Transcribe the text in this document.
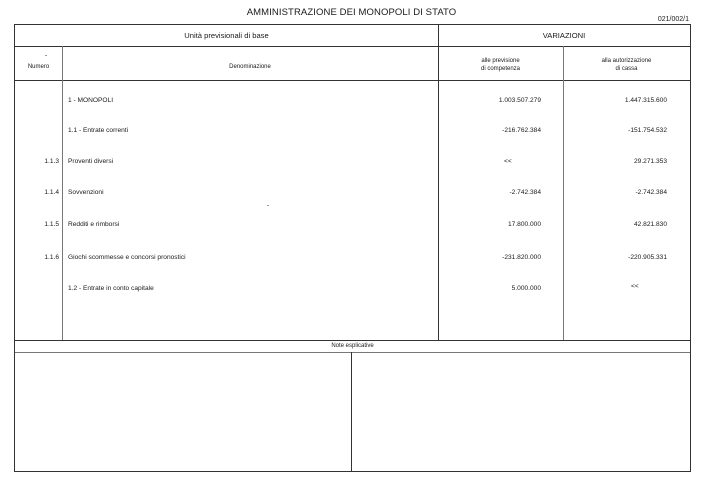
AMMINISTRAZIONE DEI MONOPOLI DI STATO
021/002/1
Unità previsionali di base	VARIAZIONI
Numero	Denominazione
alle previsione
di competenza
alla autorizzazione
di cassa
1 - MONOPOLI	1.003.507.279	1.447.315.600
1.1 - Entrate correnti	-216.762.384	-151.754.532
1.1.3 Proventi diversi	<<	29.271.353
1.1.4 Sovvenzioni	-2.742.384	-2.742.384
1.1.5 Redditi e rimborsi	17.800.000	42.821.830
1.1.6 Giochi scommesse e concorsi pronostici	-231.820.000	-220.905.331
1.2 - Entrate in conto capitale	5.000.000	<<
Note esplicative
